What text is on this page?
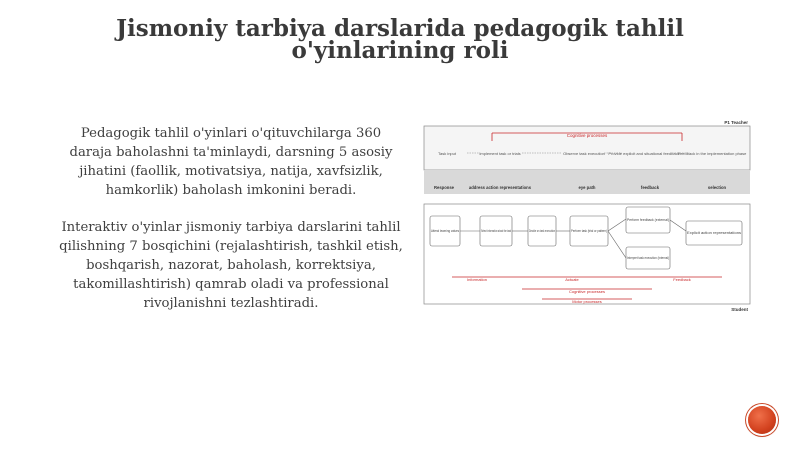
Jismoniy tarbiya darslarida pedagogik tahlil o'yinlarining roli

Pedagogik tahlil o'yinlari o'qituvchilarga 360 daraja baholashni ta'minlaydi, darsning 5 asosiy jihatini (faollik, motivatsiya, natija, xavfsizlik, hamkorlik) baholash imkonini beradi.

Interaktiv o'yinlar jismoniy tarbiya darslarini tahlil qilishning 7 bosqichini (rejalashtirish, tashkil etish, boshqarish, nazorat, baholash, korrektsiya, takomillashtirish) qamrab oladi va professional rivojlanishni tezlashtiradi.

P1 Teacher
Cognitive processes
Task input	Implement task or trials	Observe task execution Provide explicit and situational feedback
Feedback in the implementation phase
Response	address action representations	eye path	feedback	selection
Attend learning values	Select information about the task	Decide on task execution	Perform task (trial or pattern)
Perform feedback (external)
Interpret task execution (internal)
Explicit action representations
Information	Actuate	Feedback
Cognitive processes
Motor processes
Student
